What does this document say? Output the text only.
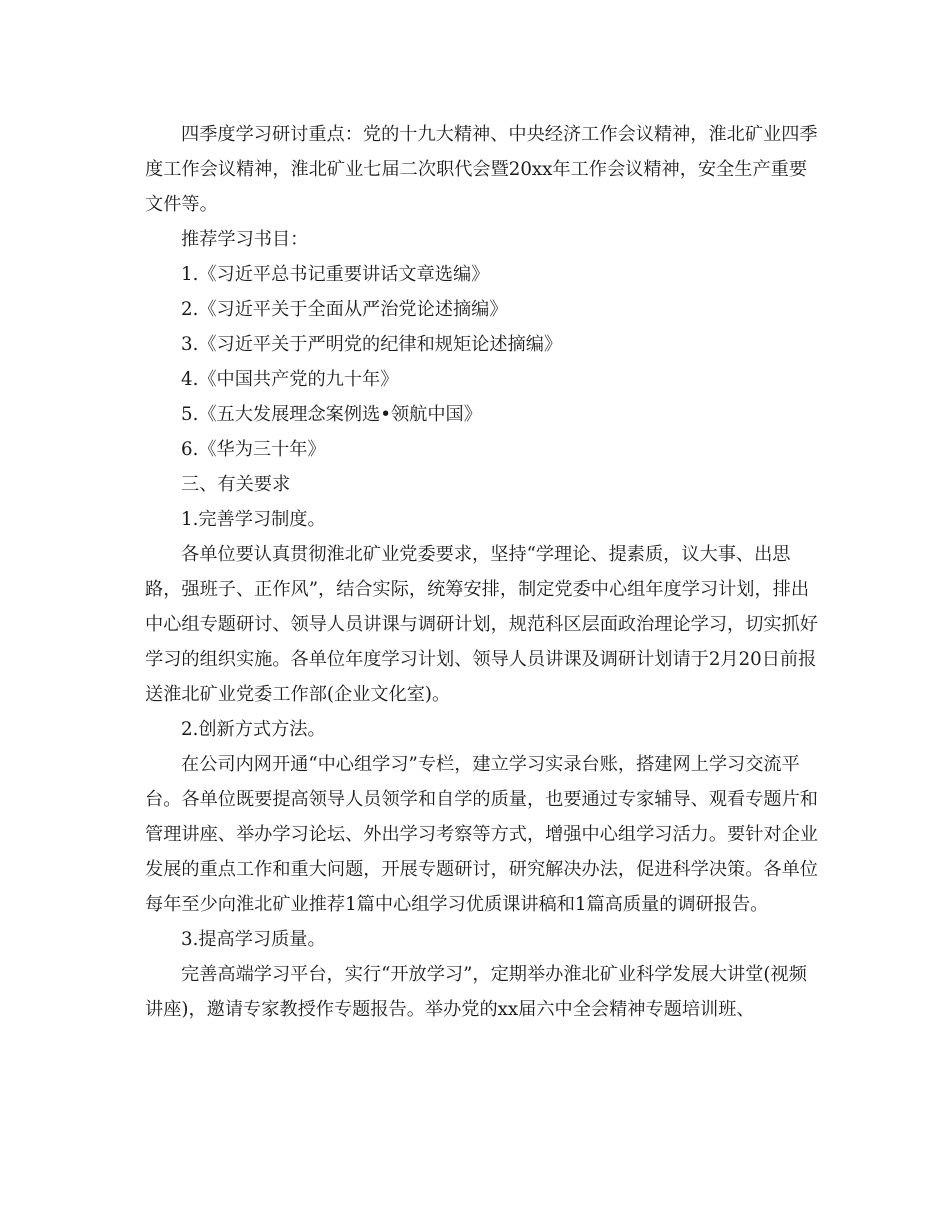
四季度学习研讨重点：党的十九大精神、中央经济工作会议精神，淮北矿业四季度工作会议精神，淮北矿业七届二次职代会暨20xx年工作会议精神，安全生产重要文件等。

推荐学习书目：

1.《习近平总书记重要讲话文章选编》

2.《习近平关于全面从严治党论述摘编》

3.《习近平关于严明党的纪律和规矩论述摘编》

4.《中国共产党的九十年》

5.《五大发展理念案例选•领航中国》

6.《华为三十年》

三、有关要求

1.完善学习制度。

各单位要认真贯彻淮北矿业党委要求，坚持“学理论、提素质，议大事、出思路，强班子、正作风”，结合实际，统筹安排，制定党委中心组年度学习计划，排出中心组专题研讨、领导人员讲课与调研计划，规范科区层面政治理论学习，切实抓好学习的组织实施。各单位年度学习计划、领导人员讲课及调研计划请于2月20日前报送淮北矿业党委工作部(企业文化室)。

2.创新方式方法。

在公司内网开通“中心组学习”专栏，建立学习实录台账，搭建网上学习交流平台。各单位既要提高领导人员领学和自学的质量，也要通过专家辅导、观看专题片和管理讲座、举办学习论坛、外出学习考察等方式，增强中心组学习活力。要针对企业发展的重点工作和重大问题，开展专题研讨，研究解决办法，促进科学决策。各单位每年至少向淮北矿业推荐1篇中心组学习优质课讲稿和1篇高质量的调研报告。

3.提高学习质量。

完善高端学习平台，实行“开放学习”，定期举办淮北矿业科学发展大讲堂(视频讲座)，邀请专家教授作专题报告。举办党的xx届六中全会精神专题培训班、
